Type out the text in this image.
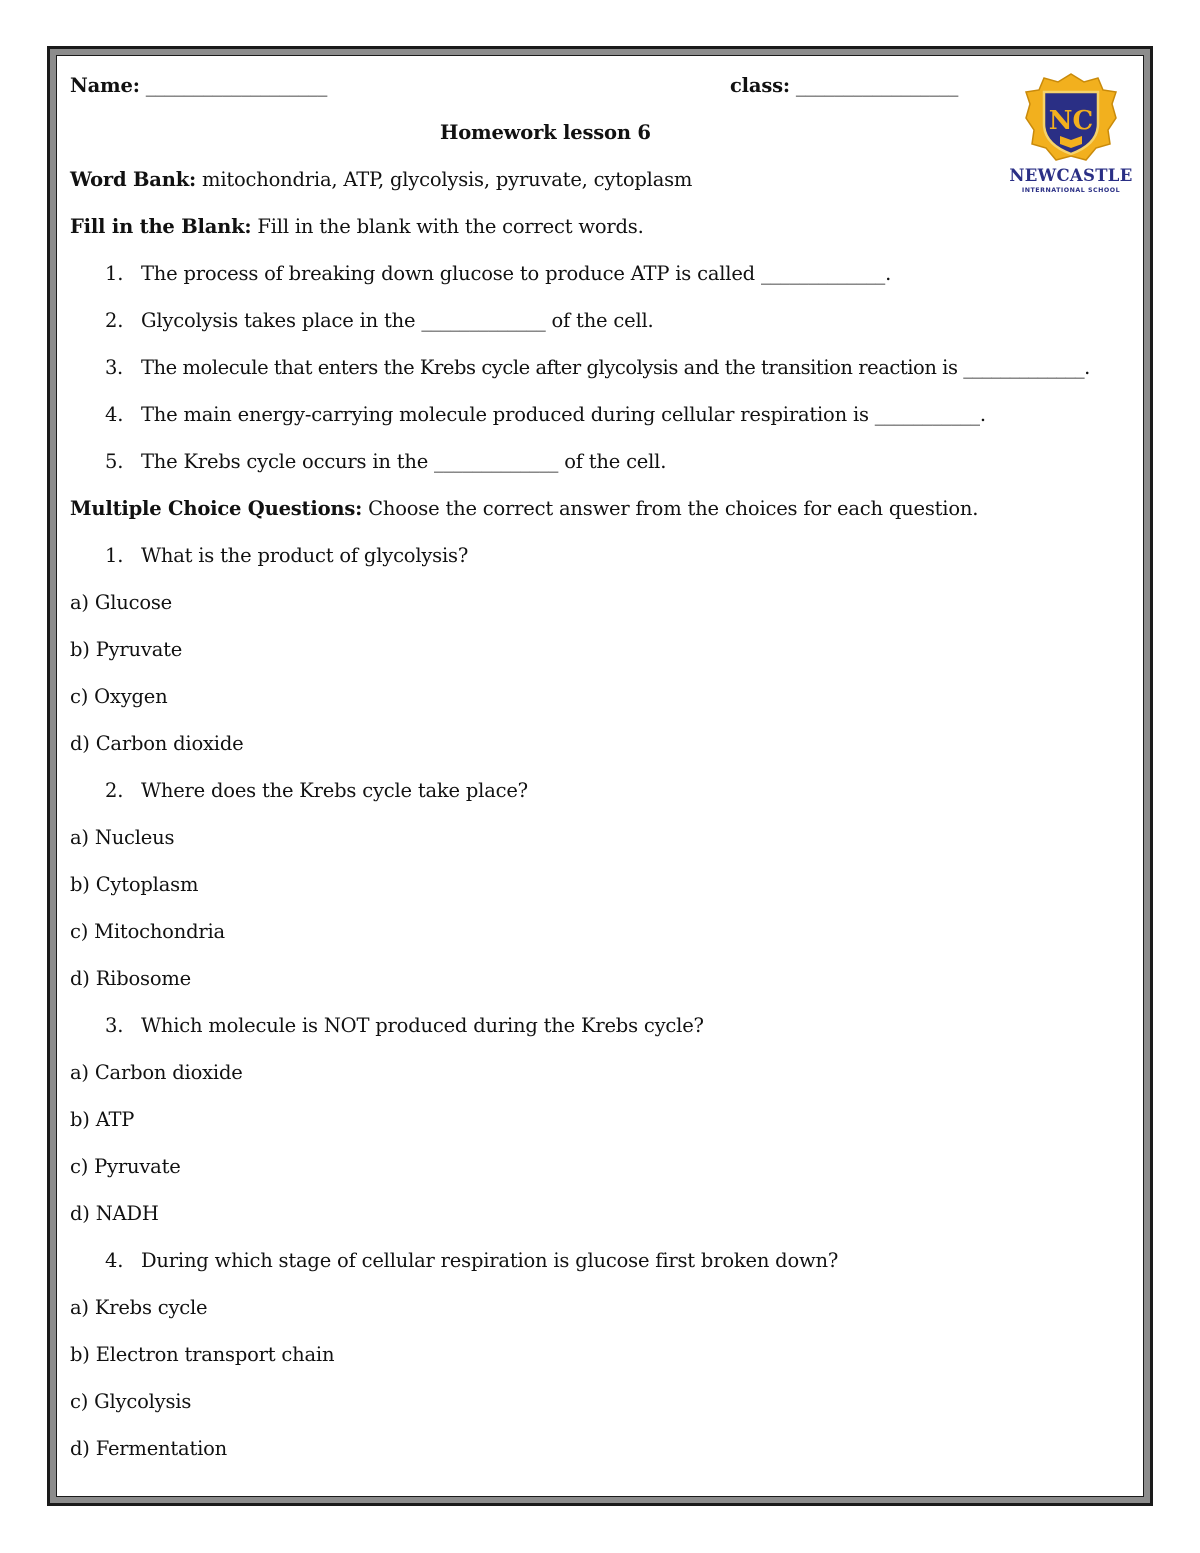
Name: ___________________	class: _________________
Homework lesson 6	NC
NEWCASTLE
INTERNATIONAL SCHOOL
Word Bank: mitochondria, ATP, glycolysis, pyruvate, cytoplasm
Fill in the Blank: Fill in the blank with the correct words.
1. The process of breaking down glucose to produce ATP is called _____________.
2. Glycolysis takes place in the _____________ of the cell.
3. The molecule that enters the Krebs cycle after glycolysis and the transition reaction is _____________.
4. The main energy-carrying molecule produced during cellular respiration is ___________.
5. The Krebs cycle occurs in the _____________ of the cell.
Multiple Choice Questions: Choose the correct answer from the choices for each question.
1. What is the product of glycolysis?
a) Glucose
b) Pyruvate
c) Oxygen
d) Carbon dioxide
2. Where does the Krebs cycle take place?
a) Nucleus
b) Cytoplasm
c) Mitochondria
d) Ribosome
3. Which molecule is NOT produced during the Krebs cycle?
a) Carbon dioxide
b) ATP
c) Pyruvate
d) NADH
4. During which stage of cellular respiration is glucose first broken down?
a) Krebs cycle
b) Electron transport chain
c) Glycolysis
d) Fermentation
